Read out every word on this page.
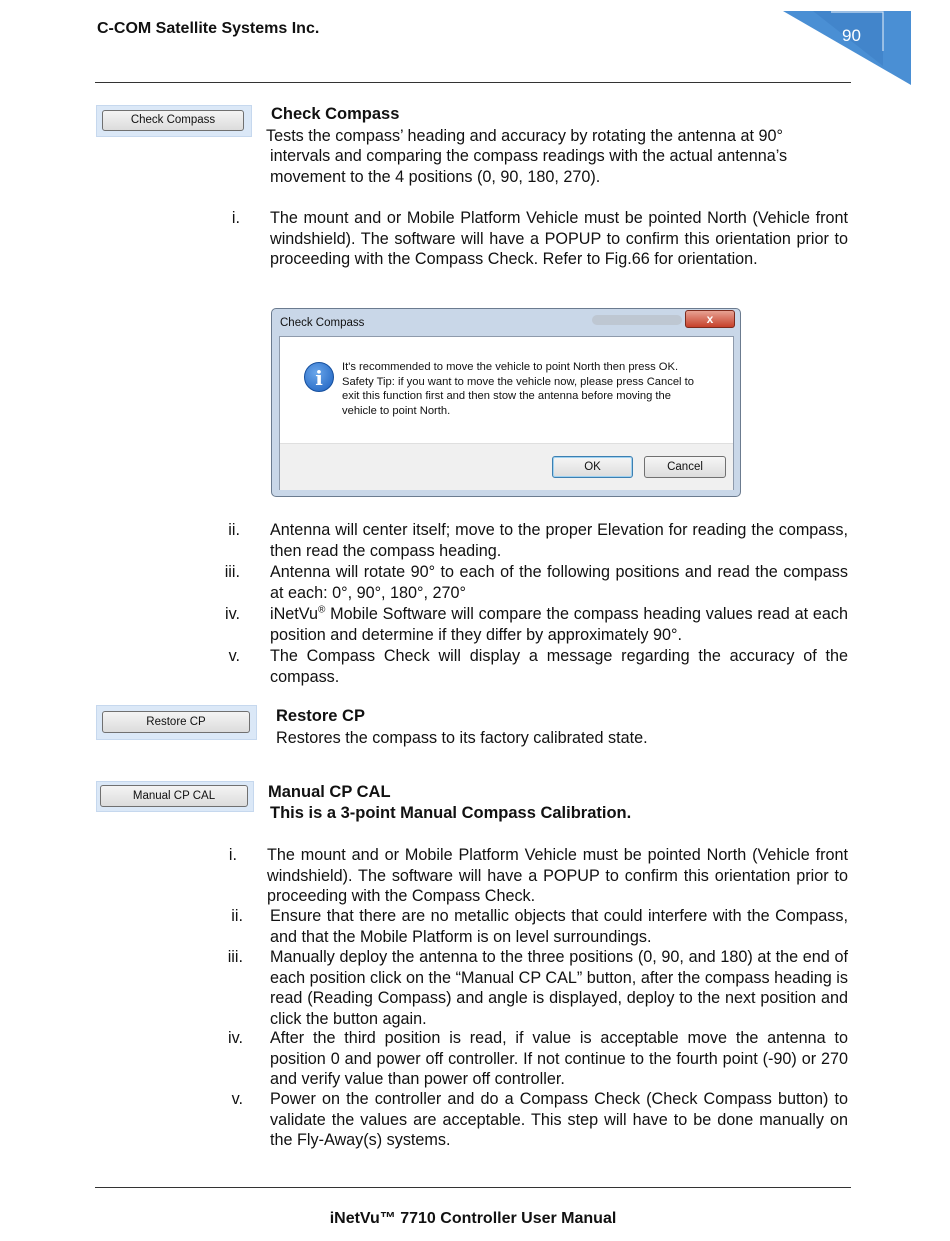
C-COM Satellite Systems Inc.	90
Check Compass	Check Compass
Tests the compass’ heading and accuracy by rotating the antenna at 90°
intervals and comparing the compass readings with the actual antenna’s
movement to the 4 positions (0, 90, 180, 270).
i. The mount and or Mobile Platform Vehicle must be pointed North (Vehicle front windshield). The software will have a POPUP to confirm this orientation prior to proceeding with the Compass Check. Refer to Fig.66 for orientation.
Check Compass	x
i	It's recommended to move the vehicle to point North then press OK.
Safety Tip: if you want to move the vehicle now, please press Cancel to
exit this function first and then stow the antenna before moving the
vehicle to point North.
OK	Cancel
ii. Antenna will center itself; move to the proper Elevation for reading the compass, then read the compass heading.
iii. Antenna will rotate 90° to each of the following positions and read the compass at each: 0°, 90°, 180°, 270°
iv. iNetVu® Mobile Software will compare the compass heading values read at each position and determine if they differ by approximately 90°.
v. The Compass Check will display a message regarding the accuracy of the compass.
Restore CP	Restore CP
Restores the compass to its factory calibrated state.
Manual CP CAL	Manual CP CAL
This is a 3-point Manual Compass Calibration.
i. The mount and or Mobile Platform Vehicle must be pointed North (Vehicle front windshield). The software will have a POPUP to confirm this orientation prior to proceeding with the Compass Check.
ii. Ensure that there are no metallic objects that could interfere with the Compass, and that the Mobile Platform is on level surroundings.
iii. Manually deploy the antenna to the three positions (0, 90, and 180) at the end of each position click on the “Manual CP CAL” button, after the compass heading is read (Reading Compass) and angle is displayed, deploy to the next position and click the button again.
iv. After the third position is read, if value is acceptable move the antenna to position 0 and power off controller. If not continue to the fourth point (-90) or 270 and verify value than power off controller.
v. Power on the controller and do a Compass Check (Check Compass button) to validate the values are acceptable. This step will have to be done manually on the Fly-Away(s) systems.
iNetVu™ 7710 Controller User Manual
